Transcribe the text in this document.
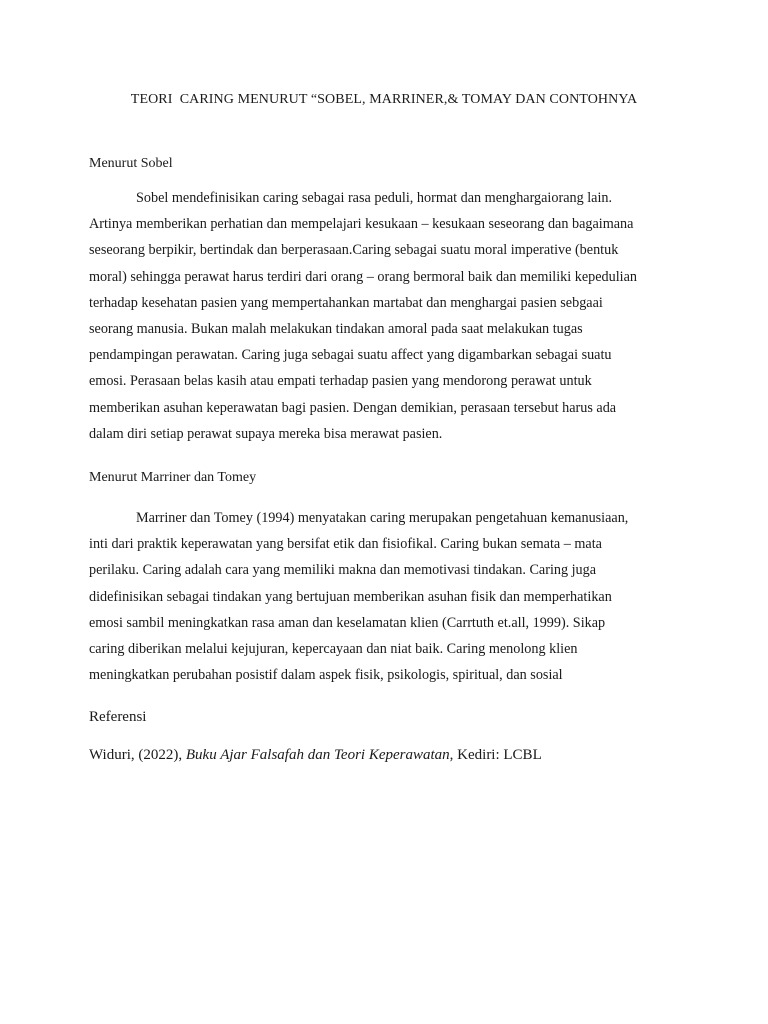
TEORI  CARING MENURUT “SOBEL, MARRINER,& TOMAY DAN CONTOHNYA
Menurut Sobel
Sobel mendefinisikan caring sebagai rasa peduli, hormat dan menghargaiorang lain.
Artinya memberikan perhatian dan mempelajari kesukaan – kesukaan seseorang dan bagaimana
seseorang berpikir, bertindak dan berperasaan.Caring sebagai suatu moral imperative (bentuk
moral) sehingga perawat harus terdiri dari orang – orang bermoral baik dan memiliki kepedulian
terhadap kesehatan pasien yang mempertahankan martabat dan menghargai pasien sebgaai
seorang manusia. Bukan malah melakukan tindakan amoral pada saat melakukan tugas
pendampingan perawatan. Caring juga sebagai suatu affect yang digambarkan sebagai suatu
emosi. Perasaan belas kasih atau empati terhadap pasien yang mendorong perawat untuk
memberikan asuhan keperawatan bagi pasien. Dengan demikian, perasaan tersebut harus ada
dalam diri setiap perawat supaya mereka bisa merawat pasien.
Menurut Marriner dan Tomey
Marriner dan Tomey (1994) menyatakan caring merupakan pengetahuan kemanusiaan,
inti dari praktik keperawatan yang bersifat etik dan fisiofikal. Caring bukan semata – mata
perilaku. Caring adalah cara yang memiliki makna dan memotivasi tindakan. Caring juga
didefinisikan sebagai tindakan yang bertujuan memberikan asuhan fisik dan memperhatikan
emosi sambil meningkatkan rasa aman dan keselamatan klien (Carrtuth et.all, 1999). Sikap
caring diberikan melalui kejujuran, kepercayaan dan niat baik. Caring menolong klien
meningkatkan perubahan posistif dalam aspek fisik, psikologis, spiritual, dan sosial
Referensi
Widuri, (2022), Buku Ajar Falsafah dan Teori Keperawatan, Kediri: LCBL
